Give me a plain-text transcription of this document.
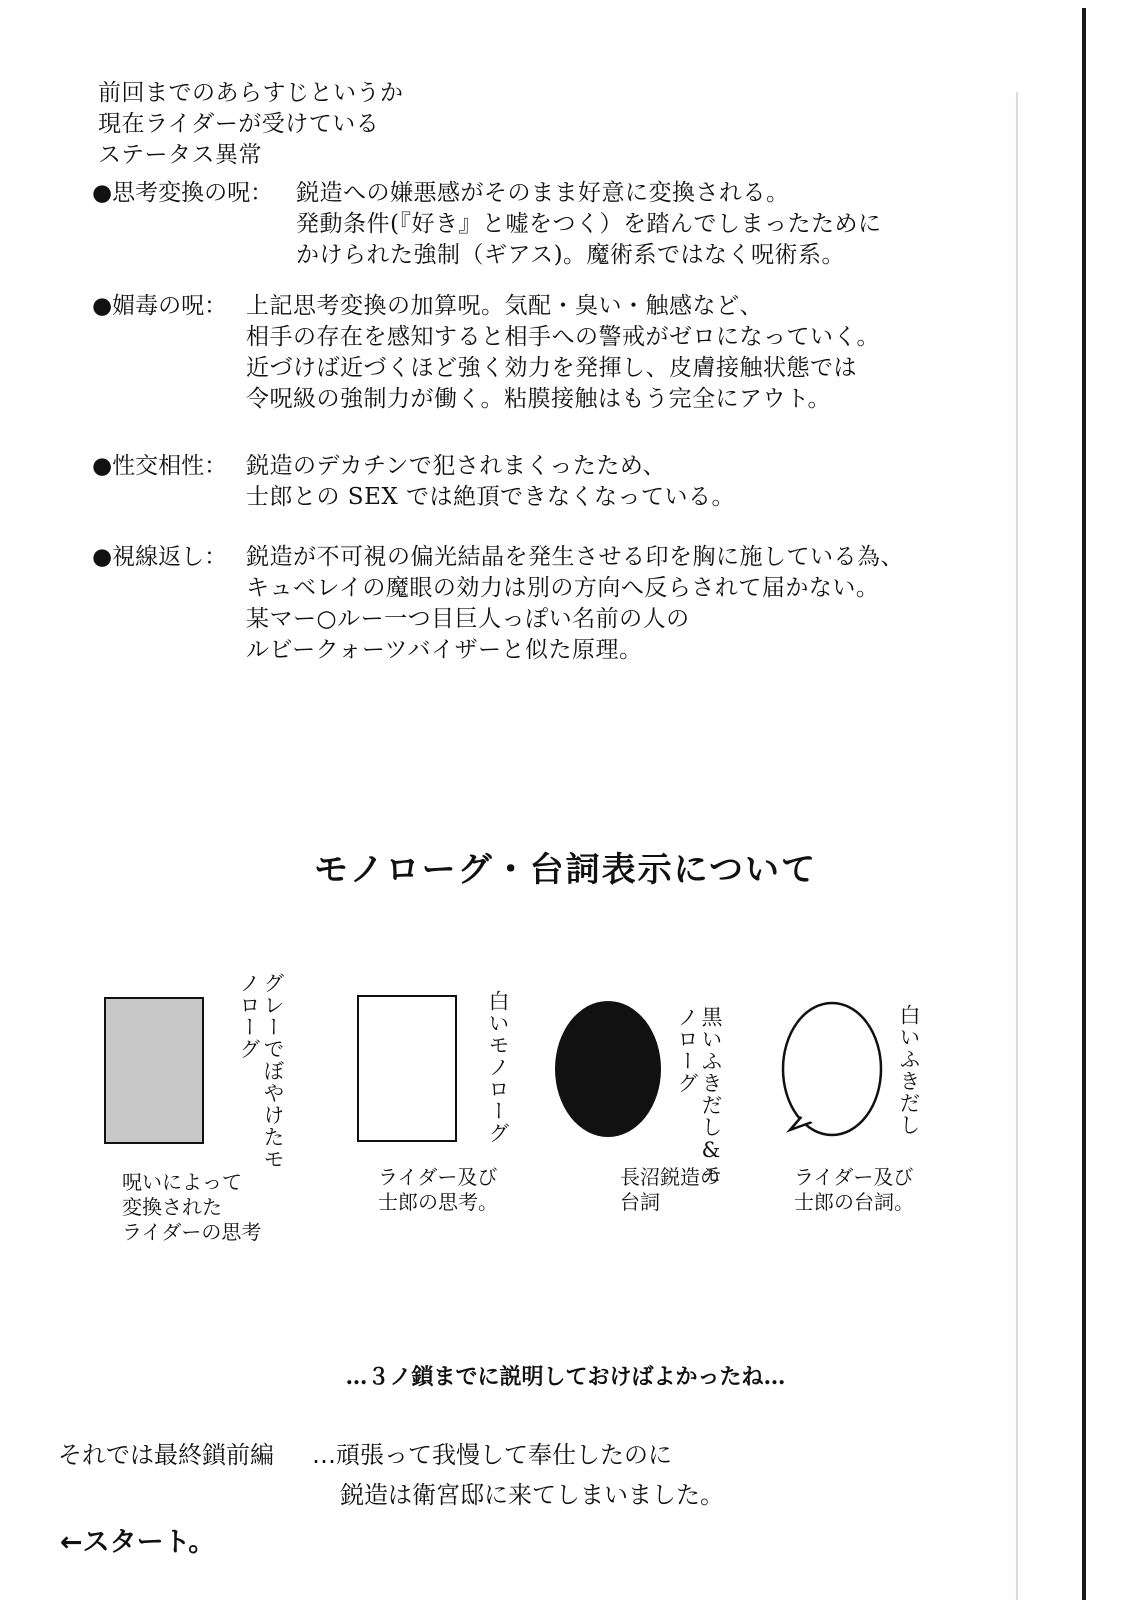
前回までのあらすじというか
現在ライダーが受けている
ステータス異常
●思考変換の呪： 鋭造への嫌悪感がそのまま好意に変換される。
発動条件(『好き』と嘘をつく）を踏んでしまったために
かけられた強制（ギアス)。魔術系ではなく呪術系。
●媚毒の呪： 上記思考変換の加算呪。気配・臭い・触感など、
相手の存在を感知すると相手への警戒がゼロになっていく。
近づけば近づくほど強く効力を発揮し、皮膚接触状態では
令呪級の強制力が働く。粘膜接触はもう完全にアウト。
●性交相性： 鋭造のデカチンで犯されまくったため、
士郎との SEX では絶頂できなくなっている。
●視線返し： 鋭造が不可視の偏光結晶を発生させる印を胸に施している為、
キュベレイの魔眼の効力は別の方向へ反らされて届かない。
某マー○ルー一つ目巨人っぽい名前の人の
ルビークォーツバイザーと似た原理。
モノローグ・台詞表示について
グレーでぼやけたモノローグ
呪いによって
変換された
ライダーの思考
白いモノローグ
ライダー及び
士郎の思考。
黒いふきだし&モノローグ
長沼鋭造の
台詞
白いふきだし
ライダー及び
士郎の台詞。
…３ノ鎖までに説明しておけばよかったね…
それでは最終鎖前編 …頑張って我慢して奉仕したのに
鋭造は衛宮邸に来てしまいました。
←スタート。
